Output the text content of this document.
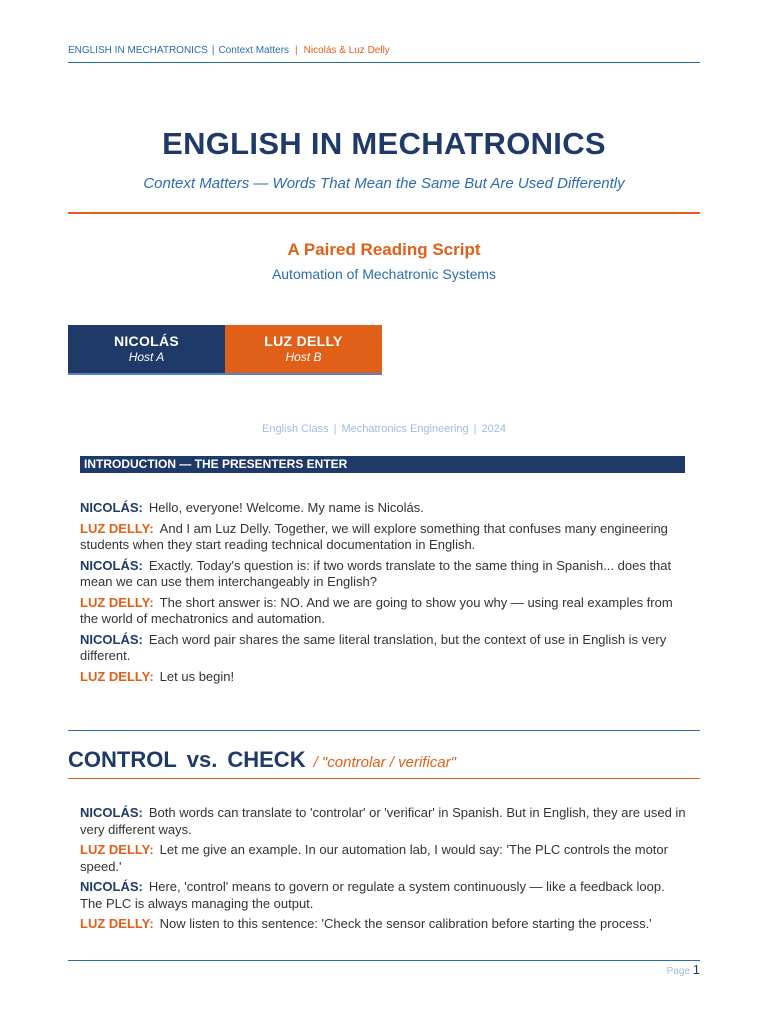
ENGLISH IN MECHATRONICS | Context Matters | Nicolás & Luz Delly
ENGLISH IN MECHATRONICS
Context Matters — Words That Mean the Same But Are Used Differently
A Paired Reading Script
Automation of Mechatronic Systems
NICOLÁS
Host A
LUZ DELLY
Host B
English Class | Mechatronics Engineering | 2024
INTRODUCTION — THE PRESENTERS ENTER
NICOLÁS: Hello, everyone! Welcome. My name is Nicolás.
LUZ DELLY: And I am Luz Delly. Together, we will explore something that confuses many engineering students when they start reading technical documentation in English.
NICOLÁS: Exactly. Today's question is: if two words translate to the same thing in Spanish... does that mean we can use them interchangeably in English?
LUZ DELLY: The short answer is: NO. And we are going to show you why — using real examples from the world of mechatronics and automation.
NICOLÁS: Each word pair shares the same literal translation, but the context of use in English is very different.
LUZ DELLY: Let us begin!
CONTROL vs. CHECK / "controlar / verificar"
NICOLÁS: Both words can translate to 'controlar' or 'verificar' in Spanish. But in English, they are used in very different ways.
LUZ DELLY: Let me give an example. In our automation lab, I would say: 'The PLC controls the motor speed.'
NICOLÁS: Here, 'control' means to govern or regulate a system continuously — like a feedback loop. The PLC is always managing the output.
LUZ DELLY: Now listen to this sentence: 'Check the sensor calibration before starting the process.'
Page 1
